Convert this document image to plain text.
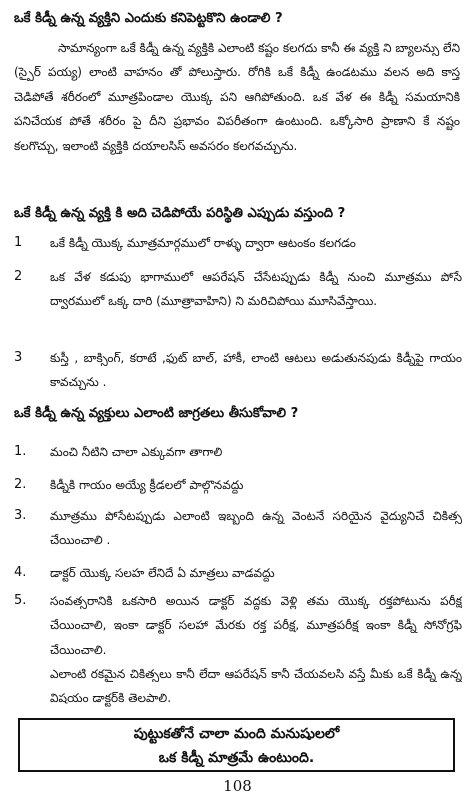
ఒకే కిడ్నీ ఉన్న వ్యక్తిని ఎందుకు కనిపెట్టకొని ఉండాలి ?
సామాన్యంగా ఒకే కిడ్నీ ఉన్న వ్యక్తికి ఎలాంటి కష్టం కలగదు కానీ ఈ వ్యక్తి ని బ్యాలన్సు లేని (స్పైర్ పయ్య) లాంటి వాహనం తో పోలుస్తారు. రోగికి ఒకే కిడ్నీ ఉండటము వలన అది కాస్త చెడిపోతే శరీరంలో మూత్రపిండాల యొక్క పని ఆగిపోతుంది. ఒక వేళ ఈ కిడ్నీ సమయానికి పనిచేయక పోతే శరీరం పై దీని ప్రభావం విపరీతంగా ఉంటుంది. ఒక్కోసారి ప్రాణాని కే నష్టం కలగొచ్చు, ఇలాంటి వ్యక్తికి దయాలసిస్ అవసరం కలగవచ్చును.
ఒకే కిడ్నీ ఉన్న వ్యక్తి కి అది చెడిపోయే పరిస్థితి ఎప్పుడు వస్తుంది ?
1	ఒకే కిడ్నీ యొక్క మూత్రమార్గములో రాళ్ళు ద్వారా ఆటంకం కలగడం
2	ఒక వేళ కడుపు భాగాములో ఆపరేషన్ చేసేటప్పుడు కిడ్నీ నుంచి మూత్రము పోసే ద్వారములో ఒక్క దారి (మూత్రావాహిని) ని మరిచిపోయి మూసివేస్తాయి.
3	కుస్తీ , బాక్సింగ్, కరాటే ,ఫుట్ బాల్, హాకీ, లాంటి ఆటలు అడుతునపుడు కిడ్నీపై గాయం కావచ్చును .
ఒకే కిడ్నీ ఉన్న వ్యక్తులు ఎలాంటి జాగ్రతలు తీసుకోవాలి ?
1.	మంచి నీటిని చాలా ఎక్కువగా తాగాలి
2.	కిడ్నీకి గాయం అయ్యే క్రీడలలో పాల్గొనవద్దు
3.	మూత్రము పోసేటప్పుడు ఎలాంటి ఇబ్బంది ఉన్న వెంటనే సరియైన వైద్యునిచే చికిత్స చేయించాలి .
4.	డాక్టర్ యొక్క సలహ లేనిదే ఏ మాత్రలు వాడవద్దు
5.	సంవత్సరానికి ఒకసారి అయిన డాక్టర్ వద్దకు వెళ్లి తమ యొక్క రక్తపోటును పరీక్ష చేయించాలి, ఇంకా డాక్టర్ సలహా మేరకు రక్త పరీక్ష, మూత్రపరీక్ష ఇంకా కిడ్నీ సోనోగ్రఫి చేయించాలి.
ఎలాంటి రకమైన చికిత్సలు కానీ లేదా ఆపరేషన్ కానీ చేయవలసి వస్తే మీకు ఒకే కిడ్నీ ఉన్న విషయం డాక్టర్‌కి తెలపాలి.
పుట్టుకతోనే చాలా మంది మనుషులలో
ఒక కిడ్నీ మాత్రమే ఉంటుంది.
108
